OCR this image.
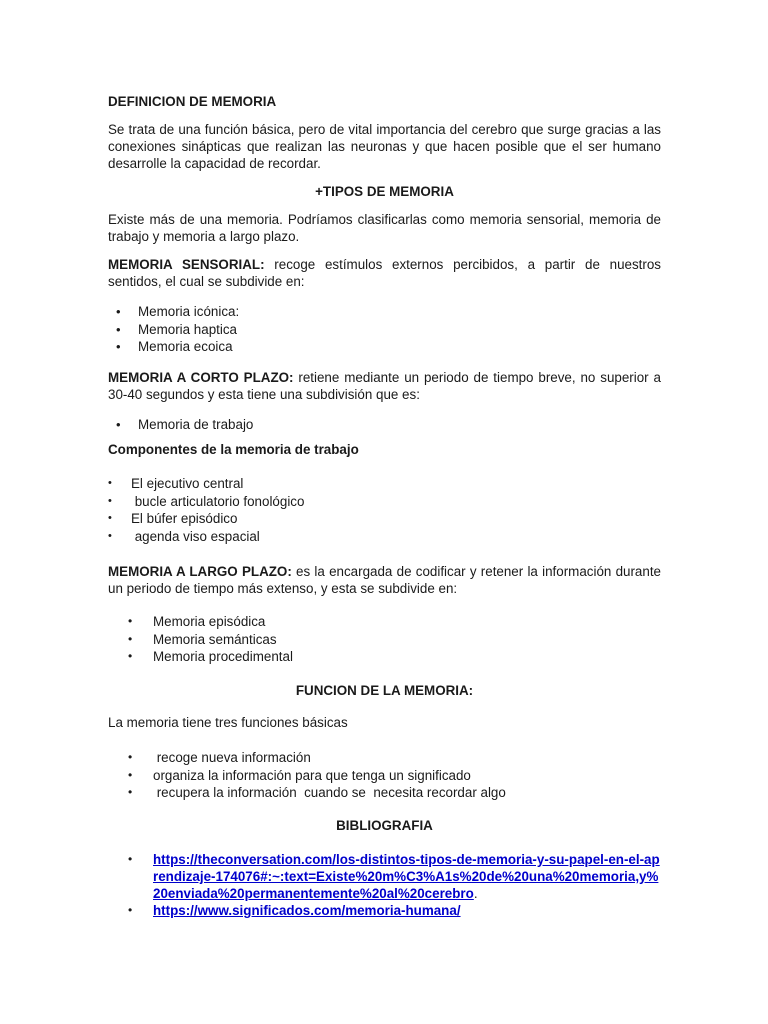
DEFINICION DE MEMORIA
Se trata de una función básica, pero de vital importancia del cerebro que surge gracias a las conexiones sinápticas que realizan las neuronas y que hacen posible que el ser humano desarrolle la capacidad de recordar.
+TIPOS DE MEMORIA
Existe más de una memoria. Podríamos clasificarlas como memoria sensorial, memoria de trabajo y memoria a largo plazo.
MEMORIA SENSORIAL: recoge estímulos externos percibidos, a partir de nuestros sentidos, el cual se subdivide en:
•	Memoria icónica:
•	Memoria haptica
•	Memoria ecoica
MEMORIA A CORTO PLAZO: retiene mediante un periodo de tiempo breve, no superior a 30-40 segundos y esta tiene una subdivisión que es:
•	Memoria de trabajo
Componentes de la memoria de trabajo
•	El ejecutivo central
•	bucle articulatorio fonológico
•	El búfer episódico
•	agenda viso espacial
MEMORIA A LARGO PLAZO: es la encargada de codificar y retener la información durante un periodo de tiempo más extenso, y esta se subdivide en:
•	Memoria episódica
•	Memoria semánticas
•	Memoria procedimental
FUNCION DE LA MEMORIA:
La memoria tiene tres funciones básicas
•	recoge nueva información
•	organiza la información para que tenga un significado
•	recupera la información  cuando se  necesita recordar algo
BIBLIOGRAFIA
•	https://theconversation.com/los-distintos-tipos-de-memoria-y-su-papel-en-el-aprendizaje-174076#:~:text=Existe%20m%C3%A1s%20de%20una%20memoria,y%20enviada%20permanentemente%20al%20cerebro.
•	https://www.significados.com/memoria-humana/
